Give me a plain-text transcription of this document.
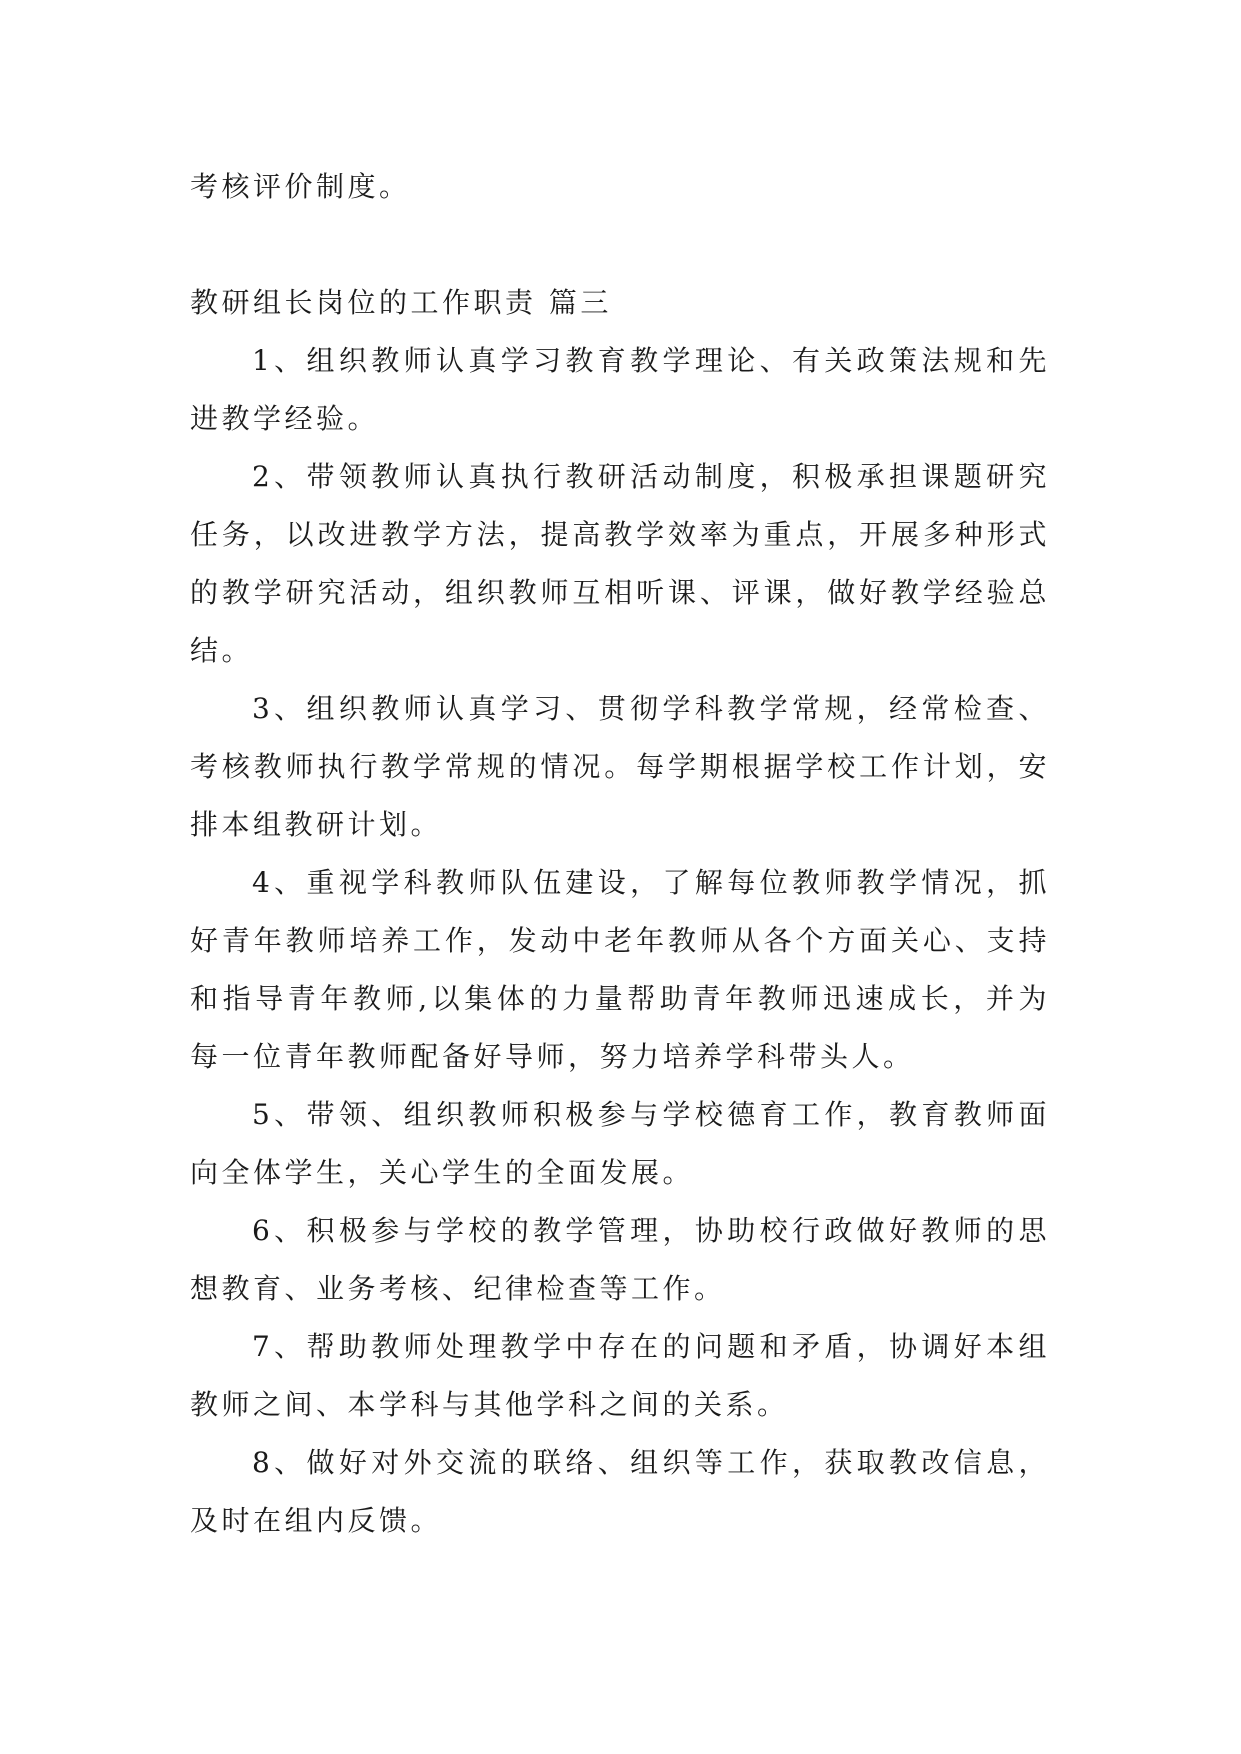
考核评价制度。

教研组长岗位的工作职责 篇三

1、组织教师认真学习教育教学理论、有关政策法规和先进教学经验。

2、带领教师认真执行教研活动制度，积极承担课题研究任务，以改进教学方法，提高教学效率为重点，开展多种形式的教学研究活动，组织教师互相听课、评课，做好教学经验总结。

3、组织教师认真学习、贯彻学科教学常规，经常检查、考核教师执行教学常规的情况。每学期根据学校工作计划，安排本组教研计划。

4、重视学科教师队伍建设，了解每位教师教学情况，抓好青年教师培养工作，发动中老年教师从各个方面关心、支持和指导青年教师,以集体的力量帮助青年教师迅速成长，并为每一位青年教师配备好导师，努力培养学科带头人。

5、带领、组织教师积极参与学校德育工作，教育教师面向全体学生，关心学生的全面发展。

6、积极参与学校的教学管理，协助校行政做好教师的思想教育、业务考核、纪律检查等工作。

7、帮助教师处理教学中存在的问题和矛盾，协调好本组教师之间、本学科与其他学科之间的关系。

8、做好对外交流的联络、组织等工作，获取教改信息，及时在组内反馈。
